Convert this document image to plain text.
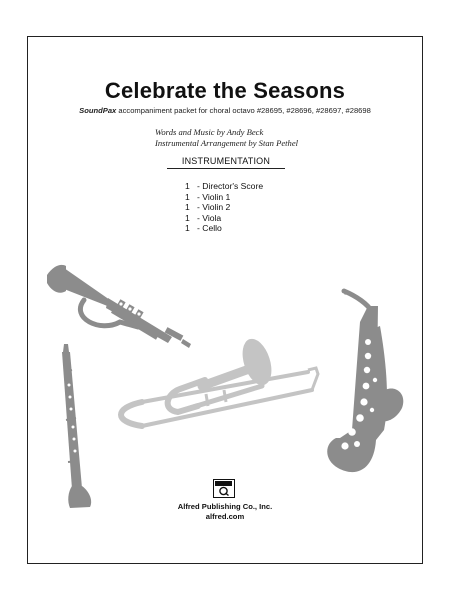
Celebrate the Seasons
SoundPax accompaniment packet for choral octavo #28695, #28696, #28697, #28698
Words and Music by Andy Beck
Instrumental Arrangement by Stan Pethel
INSTRUMENTATION
1 - Director's Score
1 - Violin 1
1 - Violin 2
1 - Viola
1 - Cello
Alfred Publishing Co., Inc.
alfred.com
